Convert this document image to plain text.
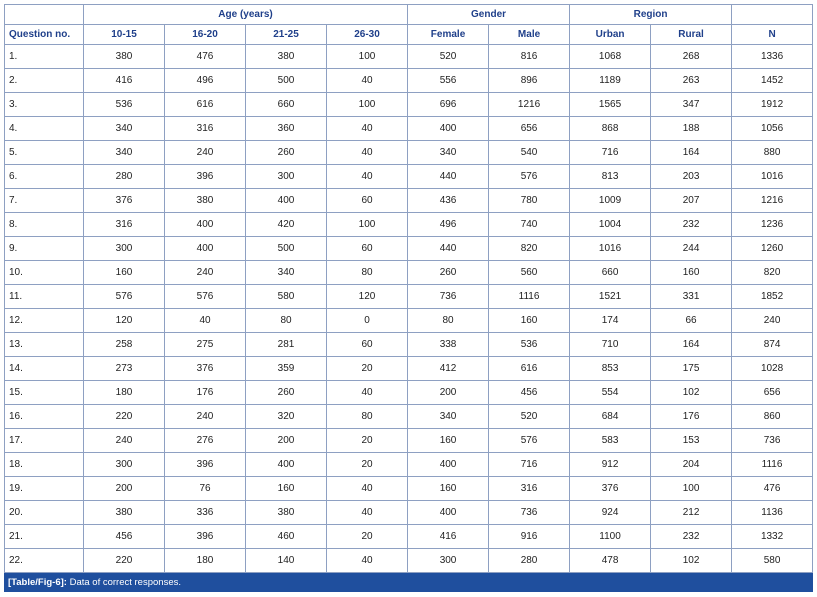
	Age (years)				Gender		Region		
Question no.	10-15	16-20	21-25	26-30	Female	Male	Urban	Rural	N
1.	380	476	380	100	520	816	1068	268	1336
2.	416	496	500	40	556	896	1189	263	1452
3.	536	616	660	100	696	1216	1565	347	1912
4.	340	316	360	40	400	656	868	188	1056
5.	340	240	260	40	340	540	716	164	880
6.	280	396	300	40	440	576	813	203	1016
7.	376	380	400	60	436	780	1009	207	1216
8.	316	400	420	100	496	740	1004	232	1236
9.	300	400	500	60	440	820	1016	244	1260
10.	160	240	340	80	260	560	660	160	820
11.	576	576	580	120	736	1116	1521	331	1852
12.	120	40	80	0	80	160	174	66	240
13.	258	275	281	60	338	536	710	164	874
14.	273	376	359	20	412	616	853	175	1028
15.	180	176	260	40	200	456	554	102	656
16.	220	240	320	80	340	520	684	176	860
17.	240	276	200	20	160	576	583	153	736
18.	300	396	400	20	400	716	912	204	1116
19.	200	76	160	40	160	316	376	100	476
20.	380	336	380	40	400	736	924	212	1136
21.	456	396	460	20	416	916	1100	232	1332
22.	220	180	140	40	300	280	478	102	580
[Table/Fig-6]: Data of correct responses.
